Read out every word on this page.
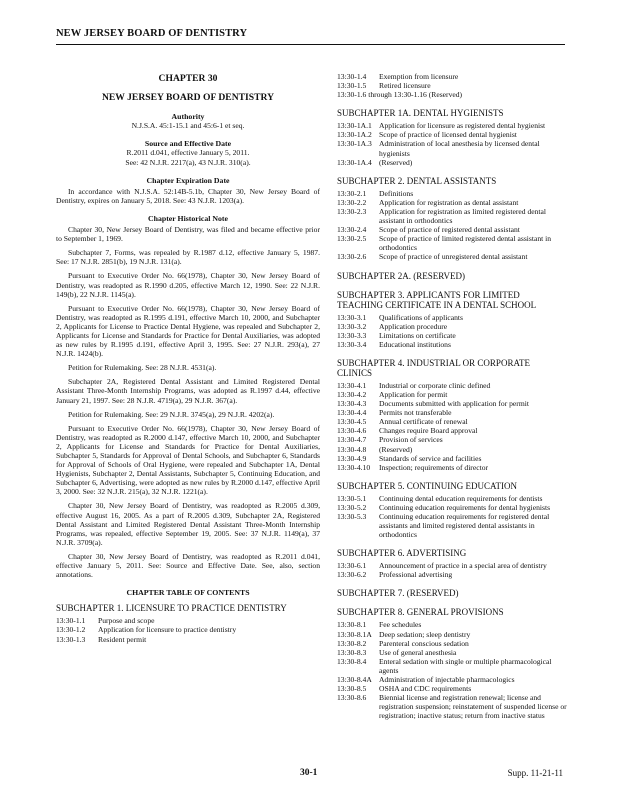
NEW JERSEY BOARD OF DENTISTRY
CHAPTER 30
NEW JERSEY BOARD OF DENTISTRY
Authority
N.J.S.A. 45:1-15.1 and 45:6-1 et seq.
Source and Effective Date
R.2011 d.041, effective January 5, 2011.
See: 42 N.J.R. 2217(a), 43 N.J.R. 310(a).
Chapter Expiration Date
In accordance with N.J.S.A. 52:14B-5.1b, Chapter 30, New Jersey Board of Dentistry, expires on January 5, 2018. See: 43 N.J.R. 1203(a).
Chapter Historical Note
Chapter 30, New Jersey Board of Dentistry, was filed and became effective prior to September 1, 1969.
Subchapter 7, Forms, was repealed by R.1987 d.12, effective January 5, 1987. See: 17 N.J.R. 2851(b), 19 N.J.R. 131(a).
Pursuant to Executive Order No. 66(1978), Chapter 30, New Jersey Board of Dentistry, was readopted as R.1990 d.205, effective March 12, 1990. See: 22 N.J.R. 149(b), 22 N.J.R. 1145(a).
Pursuant to Executive Order No. 66(1978), Chapter 30, New Jersey Board of Dentistry, was readopted as R.1995 d.191, effective March 10, 2000, and Subchapter 2, Applicants for License to Practice Dental Hygiene, was repealed and Subchapter 2, Applicants for License and Standards for Practice for Dental Auxiliaries, was adopted as new rules by R.1995 d.191, effective April 3, 1995. See: 27 N.J.R. 293(a), 27 N.J.R. 1424(b).
Petition for Rulemaking. See: 28 N.J.R. 4531(a).
Subchapter 2A, Registered Dental Assistant and Limited Registered Dental Assistant Three-Month Internship Programs, was adopted as R.1997 d.44, effective January 21, 1997. See: 28 N.J.R. 4719(a), 29 N.J.R. 367(a).
Petition for Rulemaking. See: 29 N.J.R. 3745(a), 29 N.J.R. 4202(a).
Pursuant to Executive Order No. 66(1978), Chapter 30, New Jersey Board of Dentistry, was readopted as R.2000 d.147, effective March 10, 2000, and Subchapter 2, Applicants for License and Standards for Practice for Dental Auxiliaries, Subchapter 5, Standards for Approval of Dental Schools, and Subchapter 6, Standards for Approval of Schools of Oral Hygiene, were repealed and Subchapter 1A, Dental Hygienists, Subchapter 2, Dental Assistants, Subchapter 5, Continuing Education, and Subchapter 6, Advertising, were adopted as new rules by R.2000 d.147, effective April 3, 2000. See: 32 N.J.R. 215(a), 32 N.J.R. 1221(a).
Chapter 30, New Jersey Board of Dentistry, was readopted as R.2005 d.309, effective August 16, 2005. As a part of R.2005 d.309, Subchapter 2A, Registered Dental Assistant and Limited Registered Dental Assistant Three-Month Internship Programs, was repealed, effective September 19, 2005. See: 37 N.J.R. 1149(a), 37 N.J.R. 3709(a).
Chapter 30, New Jersey Board of Dentistry, was readopted as R.2011 d.041, effective January 5, 2011. See: Source and Effective Date. See, also, section annotations.
CHAPTER TABLE OF CONTENTS
SUBCHAPTER 1. LICENSURE TO PRACTICE DENTISTRY
13:30-1.1	Purpose and scope
13:30-1.2	Application for licensure to practice dentistry
13:30-1.3	Resident permit
13:30-1.4	Exemption from licensure
13:30-1.5	Retired licensure
13:30-1.6 through 13:30-1.16 (Reserved)
SUBCHAPTER 1A. DENTAL HYGIENISTS
13:30-1A.1 Application for licensure as registered dental hygienist
13:30-1A.2 Scope of practice of licensed dental hygienist
13:30-1A.3 Administration of local anesthesia by licensed dental hygienists
13:30-1A.4 (Reserved)
SUBCHAPTER 2. DENTAL ASSISTANTS
13:30-2.1	Definitions
13:30-2.2	Application for registration as dental assistant
13:30-2.3	Application for registration as limited registered dental assistant in orthodontics
13:30-2.4	Scope of practice of registered dental assistant
13:30-2.5	Scope of practice of limited registered dental assistant in orthodontics
13:30-2.6	Scope of practice of unregistered dental assistant
SUBCHAPTER 2A. (RESERVED)
SUBCHAPTER 3. APPLICANTS FOR LIMITED TEACHING CERTIFICATE IN A DENTAL SCHOOL
13:30-3.1	Qualifications of applicants
13:30-3.2	Application procedure
13:30-3.3	Limitations on certificate
13:30-3.4	Educational institutions
SUBCHAPTER 4. INDUSTRIAL OR CORPORATE CLINICS
13:30-4.1	Industrial or corporate clinic defined
13:30-4.2	Application for permit
13:30-4.3	Documents submitted with application for permit
13:30-4.4	Permits not transferable
13:30-4.5	Annual certificate of renewal
13:30-4.6	Changes require Board approval
13:30-4.7	Provision of services
13:30-4.8	(Reserved)
13:30-4.9	Standards of service and facilities
13:30-4.10	Inspection; requirements of director
SUBCHAPTER 5. CONTINUING EDUCATION
13:30-5.1	Continuing dental education requirements for dentists
13:30-5.2	Continuing education requirements for dental hygienists
13:30-5.3	Continuing education requirements for registered dental assistants and limited registered dental assistants in orthodontics
SUBCHAPTER 6. ADVERTISING
13:30-6.1	Announcement of practice in a special area of dentistry
13:30-6.2	Professional advertising
SUBCHAPTER 7. (RESERVED)
SUBCHAPTER 8. GENERAL PROVISIONS
13:30-8.1	Fee schedules
13:30-8.1A Deep sedation; sleep dentistry
13:30-8.2	Parenteral conscious sedation
13:30-8.3	Use of general anesthesia
13:30-8.4	Enteral sedation with single or multiple pharmacological agents
13:30-8.4A Administration of injectable pharmacologics
13:30-8.5	OSHA and CDC requirements
13:30-8.6	Biennial license and registration renewal; license and registration suspension; reinstatement of suspended license or registration; inactive status; return from inactive status
30-1	Supp. 11-21-11
